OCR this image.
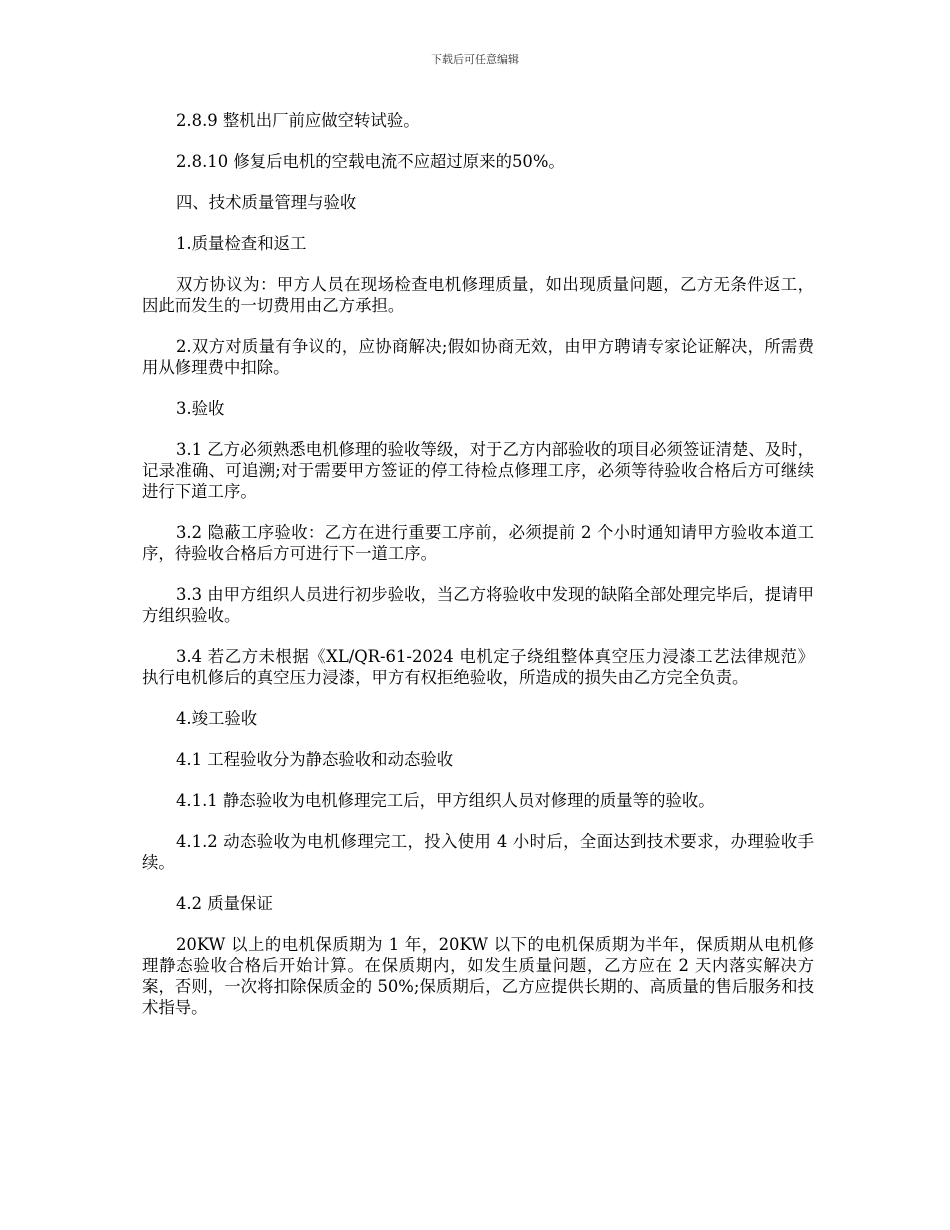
下载后可任意编辑

2.8.9 整机出厂前应做空转试验。

2.8.10 修复后电机的空载电流不应超过原来的50%。

四、技术质量管理与验收

1.质量检查和返工

双方协议为：甲方人员在现场检查电机修理质量，如出现质量问题，乙方无条件返工，因此而发生的一切费用由乙方承担。

2.双方对质量有争议的，应协商解决;假如协商无效，由甲方聘请专家论证解决，所需费用从修理费中扣除。

3.验收

3.1 乙方必须熟悉电机修理的验收等级，对于乙方内部验收的项目必须签证清楚、及时，记录准确、可追溯;对于需要甲方签证的停工待检点修理工序，必须等待验收合格后方可继续进行下道工序。

3.2 隐蔽工序验收：乙方在进行重要工序前，必须提前 2 个小时通知请甲方验收本道工序，待验收合格后方可进行下一道工序。

3.3 由甲方组织人员进行初步验收，当乙方将验收中发现的缺陷全部处理完毕后，提请甲方组织验收。

3.4 若乙方未根据《XL/QR-61-2024 电机定子绕组整体真空压力浸漆工艺法律规范》执行电机修后的真空压力浸漆，甲方有权拒绝验收，所造成的损失由乙方完全负责。

4.竣工验收

4.1 工程验收分为静态验收和动态验收

4.1.1 静态验收为电机修理完工后，甲方组织人员对修理的质量等的验收。

4.1.2 动态验收为电机修理完工，投入使用 4 小时后，全面达到技术要求，办理验收手续。

4.2 质量保证

20KW 以上的电机保质期为 1 年，20KW 以下的电机保质期为半年，保质期从电机修理静态验收合格后开始计算。在保质期内，如发生质量问题，乙方应在 2 天内落实解决方案，否则，一次将扣除保质金的 50%;保质期后，乙方应提供长期的、高质量的售后服务和技术指导。
